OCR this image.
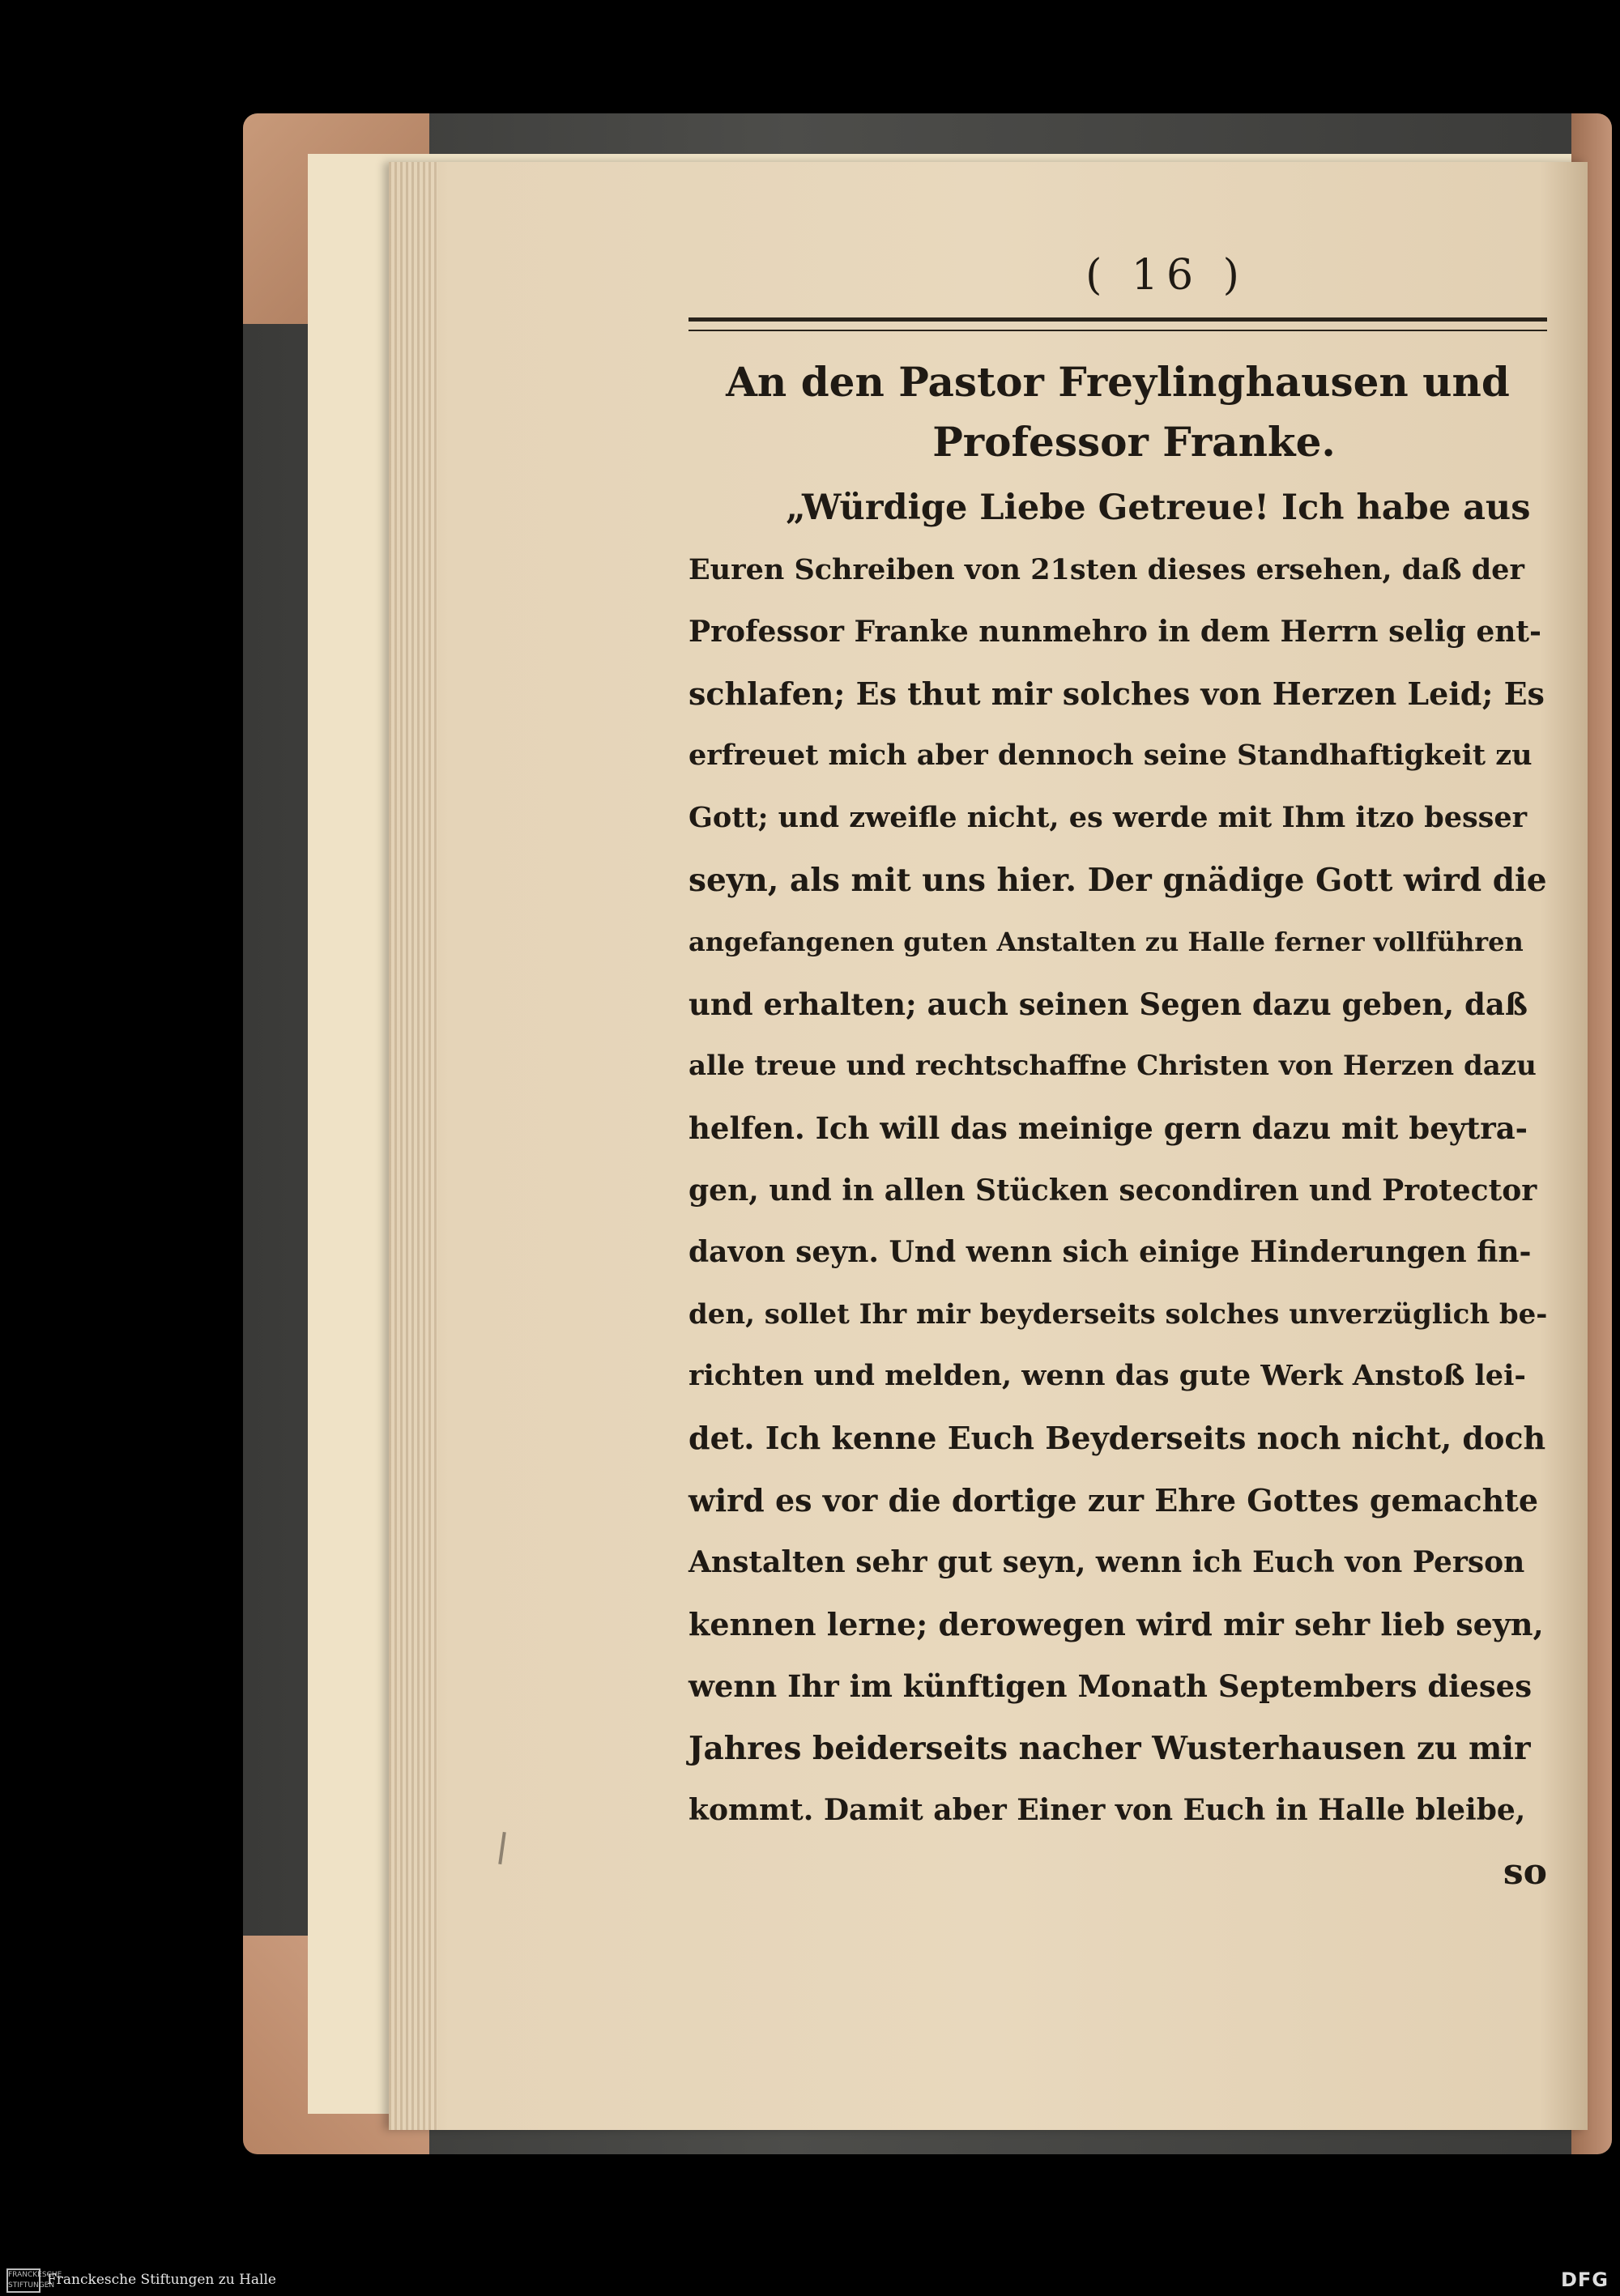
( 16 )
An den Pastor Freylinghausen und
Professor Franke.
„Würdige Liebe Getreue! Ich habe aus
Euren Schreiben von 21sten dieses ersehen, daß der
Professor Franke nunmehro in dem Herrn selig ent-
schlafen; Es thut mir solches von Herzen Leid; Es
erfreuet mich aber dennoch seine Standhaftigkeit zu
Gott; und zweifle nicht, es werde mit Ihm itzo besser
seyn, als mit uns hier. Der gnädige Gott wird die
angefangenen guten Anstalten zu Halle ferner vollführen
und erhalten; auch seinen Segen dazu geben, daß
alle treue und rechtschaffne Christen von Herzen dazu
helfen. Ich will das meinige gern dazu mit beytra-
gen, und in allen Stücken secondiren und Protector
davon seyn. Und wenn sich einige Hinderungen fin-
den, sollet Ihr mir beyderseits solches unverzüglich be-
richten und melden, wenn das gute Werk Anstoß lei-
det. Ich kenne Euch Beyderseits noch nicht, doch
wird es vor die dortige zur Ehre Gottes gemachte
Anstalten sehr gut seyn, wenn ich Euch von Person
kennen lerne; derowegen wird mir sehr lieb seyn,
wenn Ihr im künftigen Monath Septembers dieses
Jahres beiderseits nacher Wusterhausen zu mir
kommt. Damit aber Einer von Euch in Halle bleibe,
so
FRANCKESCHE STIFTUNGEN
Franckesche Stiftungen zu Halle	DFG
